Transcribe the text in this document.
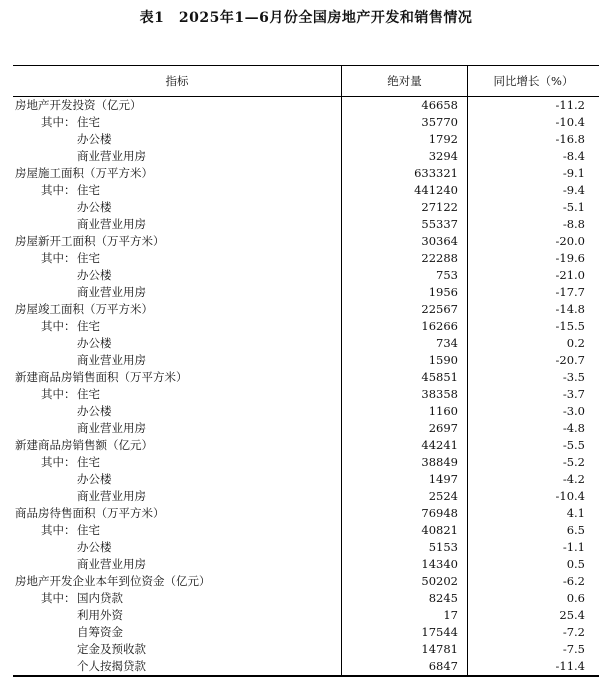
表1　2025年1—6月份全国房地产开发和销售情况
指标	绝对量	同比增长（%）
房地产开发投资（亿元）	46658	-11.2
其中： 住宅	35770	-10.4
办公楼	1792	-16.8
商业营业用房	3294	-8.4
房屋施工面积（万平方米）	633321	-9.1
其中： 住宅	441240	-9.4
办公楼	27122	-5.1
商业营业用房	55337	-8.8
房屋新开工面积（万平方米）	30364	-20.0
其中： 住宅	22288	-19.6
办公楼	753	-21.0
商业营业用房	1956	-17.7
房屋竣工面积（万平方米）	22567	-14.8
其中： 住宅	16266	-15.5
办公楼	734	0.2
商业营业用房	1590	-20.7
新建商品房销售面积（万平方米）	45851	-3.5
其中： 住宅	38358	-3.7
办公楼	1160	-3.0
商业营业用房	2697	-4.8
新建商品房销售额（亿元）	44241	-5.5
其中： 住宅	38849	-5.2
办公楼	1497	-4.2
商业营业用房	2524	-10.4
商品房待售面积（万平方米）	76948	4.1
其中： 住宅	40821	6.5
办公楼	5153	-1.1
商业营业用房	14340	0.5
房地产开发企业本年到位资金（亿元）	50202	-6.2
其中： 国内贷款	8245	0.6
利用外资	17	25.4
自筹资金	17544	-7.2
定金及预收款	14781	-7.5
个人按揭贷款	6847	-11.4
